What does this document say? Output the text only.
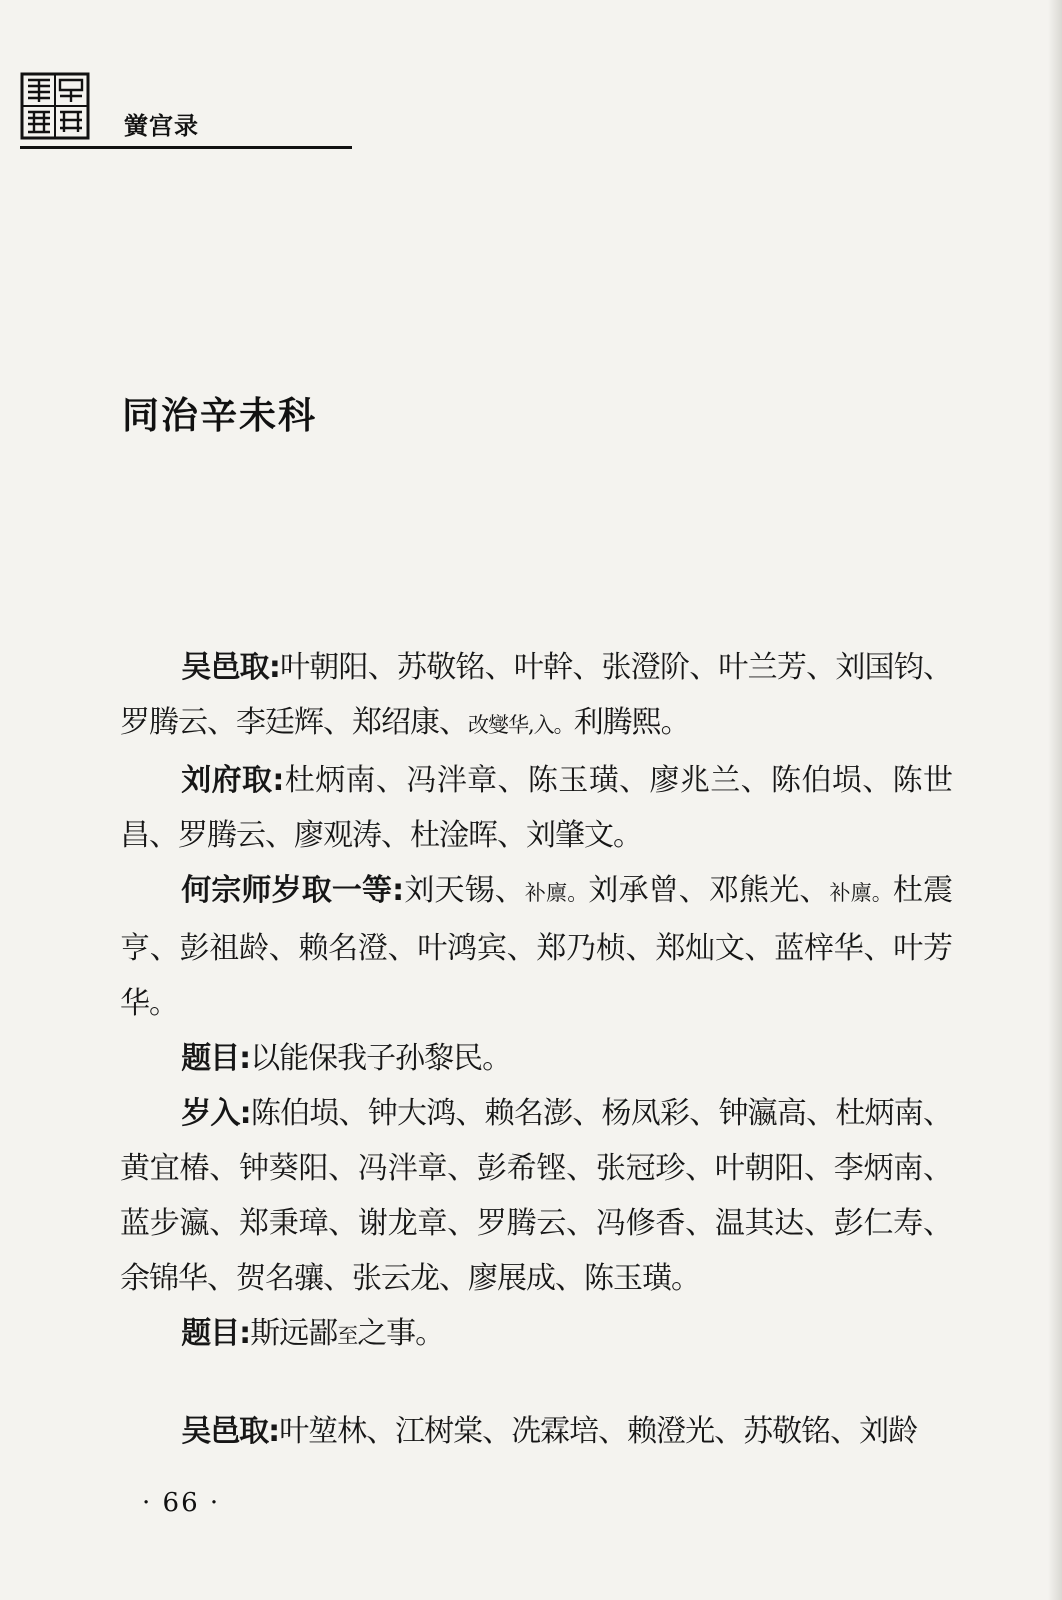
黉宫录
同治辛未科

吴邑取:叶朝阳、苏敬铭、叶幹、张澄阶、叶兰芳、刘国钧、罗腾云、李廷辉、郑绍康、改燮华,入。利腾熙。

刘府取:杜炳南、冯泮章、陈玉璜、廖兆兰、陈伯埙、陈世昌、罗腾云、廖观涛、杜淦晖、刘肇文。

何宗师岁取一等:刘天锡、补廪。刘承曾、邓熊光、补廪。杜震亨、彭祖龄、赖名澄、叶鸿宾、郑乃桢、郑灿文、蓝梓华、叶芳华。

题目:以能保我子孙黎民。

岁入:陈伯埙、钟大鸿、赖名澎、杨凤彩、钟瀛高、杜炳南、黄宜椿、钟葵阳、冯泮章、彭希铿、张冠珍、叶朝阳、李炳南、蓝步瀛、郑秉璋、谢龙章、罗腾云、冯修香、温其达、彭仁寿、余锦华、贺名骧、张云龙、廖展成、陈玉璜。

题目:斯远鄙至之事。

吴邑取:叶堃林、江树棠、冼霖培、赖澄光、苏敬铭、刘龄

· 66 ·
